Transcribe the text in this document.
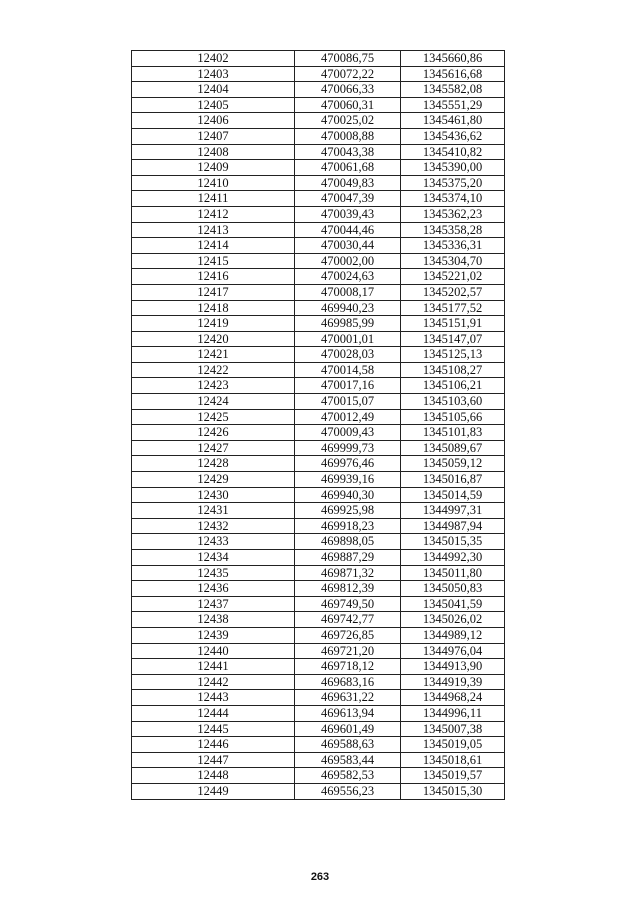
12402	470086,75	1345660,86
12403	470072,22	1345616,68
12404	470066,33	1345582,08
12405	470060,31	1345551,29
12406	470025,02	1345461,80
12407	470008,88	1345436,62
12408	470043,38	1345410,82
12409	470061,68	1345390,00
12410	470049,83	1345375,20
12411	470047,39	1345374,10
12412	470039,43	1345362,23
12413	470044,46	1345358,28
12414	470030,44	1345336,31
12415	470002,00	1345304,70
12416	470024,63	1345221,02
12417	470008,17	1345202,57
12418	469940,23	1345177,52
12419	469985,99	1345151,91
12420	470001,01	1345147,07
12421	470028,03	1345125,13
12422	470014,58	1345108,27
12423	470017,16	1345106,21
12424	470015,07	1345103,60
12425	470012,49	1345105,66
12426	470009,43	1345101,83
12427	469999,73	1345089,67
12428	469976,46	1345059,12
12429	469939,16	1345016,87
12430	469940,30	1345014,59
12431	469925,98	1344997,31
12432	469918,23	1344987,94
12433	469898,05	1345015,35
12434	469887,29	1344992,30
12435	469871,32	1345011,80
12436	469812,39	1345050,83
12437	469749,50	1345041,59
12438	469742,77	1345026,02
12439	469726,85	1344989,12
12440	469721,20	1344976,04
12441	469718,12	1344913,90
12442	469683,16	1344919,39
12443	469631,22	1344968,24
12444	469613,94	1344996,11
12445	469601,49	1345007,38
12446	469588,63	1345019,05
12447	469583,44	1345018,61
12448	469582,53	1345019,57
12449	469556,23	1345015,30
263
